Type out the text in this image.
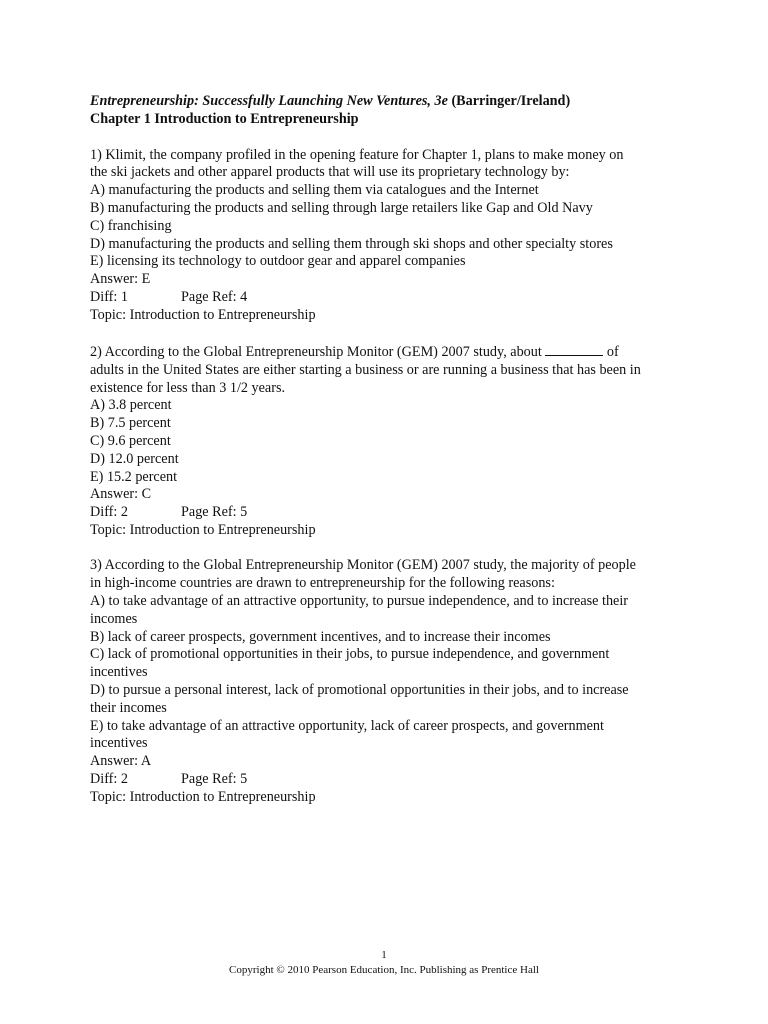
Entrepreneurship: Successfully Launching New Ventures, 3e (Barringer/Ireland)
Chapter 1 Introduction to Entrepreneurship
1) Klimit, the company profiled in the opening feature for Chapter 1, plans to make money on
the ski jackets and other apparel products that will use its proprietary technology by:
A) manufacturing the products and selling them via catalogues and the Internet
B) manufacturing the products and selling through large retailers like Gap and Old Navy
C) franchising
D) manufacturing the products and selling them through ski shops and other specialty stores
E) licensing its technology to outdoor gear and apparel companies
Answer: E
Diff: 1	Page Ref: 4
Topic: Introduction to Entrepreneurship
2) According to the Global Entrepreneurship Monitor (GEM) 2007 study, about	of
adults in the United States are either starting a business or are running a business that has been in
existence for less than 3 1/2 years.
A) 3.8 percent
B) 7.5 percent
C) 9.6 percent
D) 12.0 percent
E) 15.2 percent
Answer: C
Diff: 2	Page Ref: 5
Topic: Introduction to Entrepreneurship
3) According to the Global Entrepreneurship Monitor (GEM) 2007 study, the majority of people
in high-income countries are drawn to entrepreneurship for the following reasons:
A) to take advantage of an attractive opportunity, to pursue independence, and to increase their
incomes
B) lack of career prospects, government incentives, and to increase their incomes
C) lack of promotional opportunities in their jobs, to pursue independence, and government
incentives
D) to pursue a personal interest, lack of promotional opportunities in their jobs, and to increase
their incomes
E) to take advantage of an attractive opportunity, lack of career prospects, and government
incentives
Answer: A
Diff: 2	Page Ref: 5
Topic: Introduction to Entrepreneurship
1
Copyright © 2010 Pearson Education, Inc. Publishing as Prentice Hall
